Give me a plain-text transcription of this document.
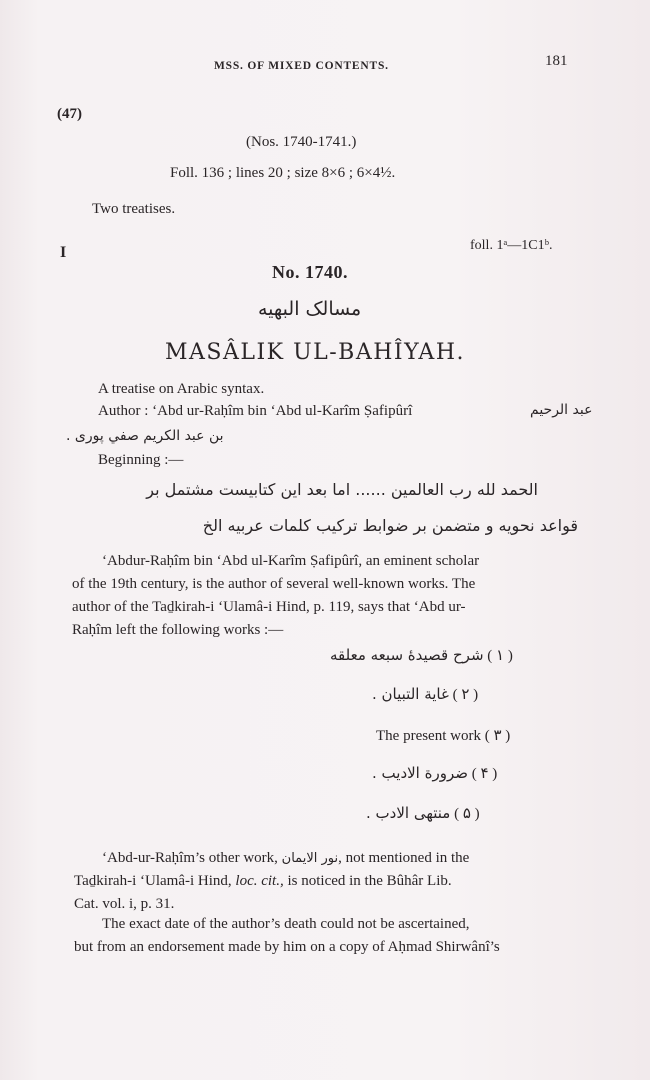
MSS. OF MIXED CONTENTS.	181
(47)
(Nos. 1740-1741.)
Foll. 136 ; lines 20 ; size 8×6 ; 6×4½.
Two treatises.
I	foll. 1ᵃ—1C1ᵇ.
No. 1740.
مسالک البهیه
MASÂLIK UL-BAHÎYAH.
A treatise on Arabic syntax.
Author : ‘Abd ur-Raḥîm bin ‘Abd ul-Karîm Ṣafipûrî	عبد الرحيم
بن عبد الكريم صفي پوری .
Beginning :—
الحمد لله رب العالمين ...... اما بعد اين كتابيست مشتمل بر
قواعد نحويه و متضمن بر ضوابط تركيب كلمات عربيه الخ
‘Abdur-Raḥîm bin ‘Abd ul-Karîm Ṣafipûrî, an eminent scholar
of the 19th century, is the author of several well-known works. The
author of the Taḏkirah-i ‘Ulamâ-i Hind, p. 119, says that ‘Abd ur-
Raḥîm left the following works :—
شرح قصيدهٔ سبعه معلقه ( ۱ )
غاية التبيان . ( ۲ )
The present work ( ۳ )
ضرورة الاديب . ( ۴ )
منتهى الادب . ( ۵ )
‘Abd-ur-Raḥîm’s other work, نور الايمان, not mentioned in the
Taḏkirah-i ‘Ulamâ-i Hind, loc. cit., is noticed in the Bûhâr Lib.
Cat. vol. i, p. 31.
The exact date of the author’s death could not be ascertained,
but from an endorsement made by him on a copy of Aḥmad Shirwânî’s
